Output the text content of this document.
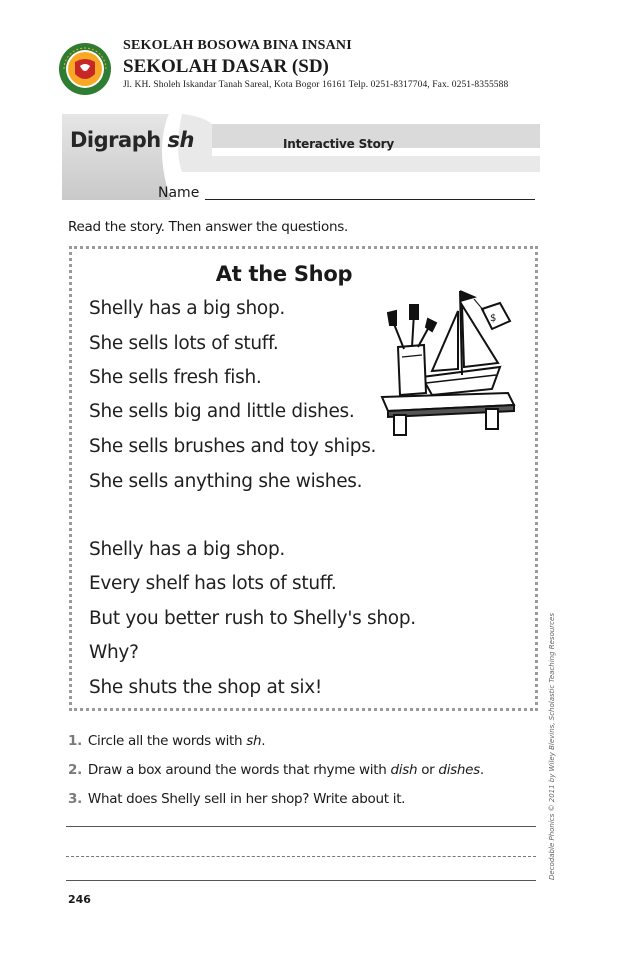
SEKOLAH BOSOWA BINA INSANI
SEKOLAH DASAR (SD)
Jl. KH. Sholeh Iskandar Tanah Sareal, Kota Bogor 16161 Telp. 0251-8317704, Fax. 0251-8355588
Digraph sh	Interactive Story
Name
Read the story. Then answer the questions.
At the Shop
Shelly has a big shop.
She sells lots of stuff.
She sells fresh fish.
She sells big and little dishes.
She sells brushes and toy ships.
She sells anything she wishes.
Shelly has a big shop.
Every shelf has lots of stuff.
But you better rush to Shelly's shop.
Why?
She shuts the shop at six!
$
1. Circle all the words with sh.
2. Draw a box around the words that rhyme with dish or dishes.
3. What does Shelly sell in her shop? Write about it.
246
Decodable Phonics © 2011 by Wiley Blevins, Scholastic Teaching Resources
